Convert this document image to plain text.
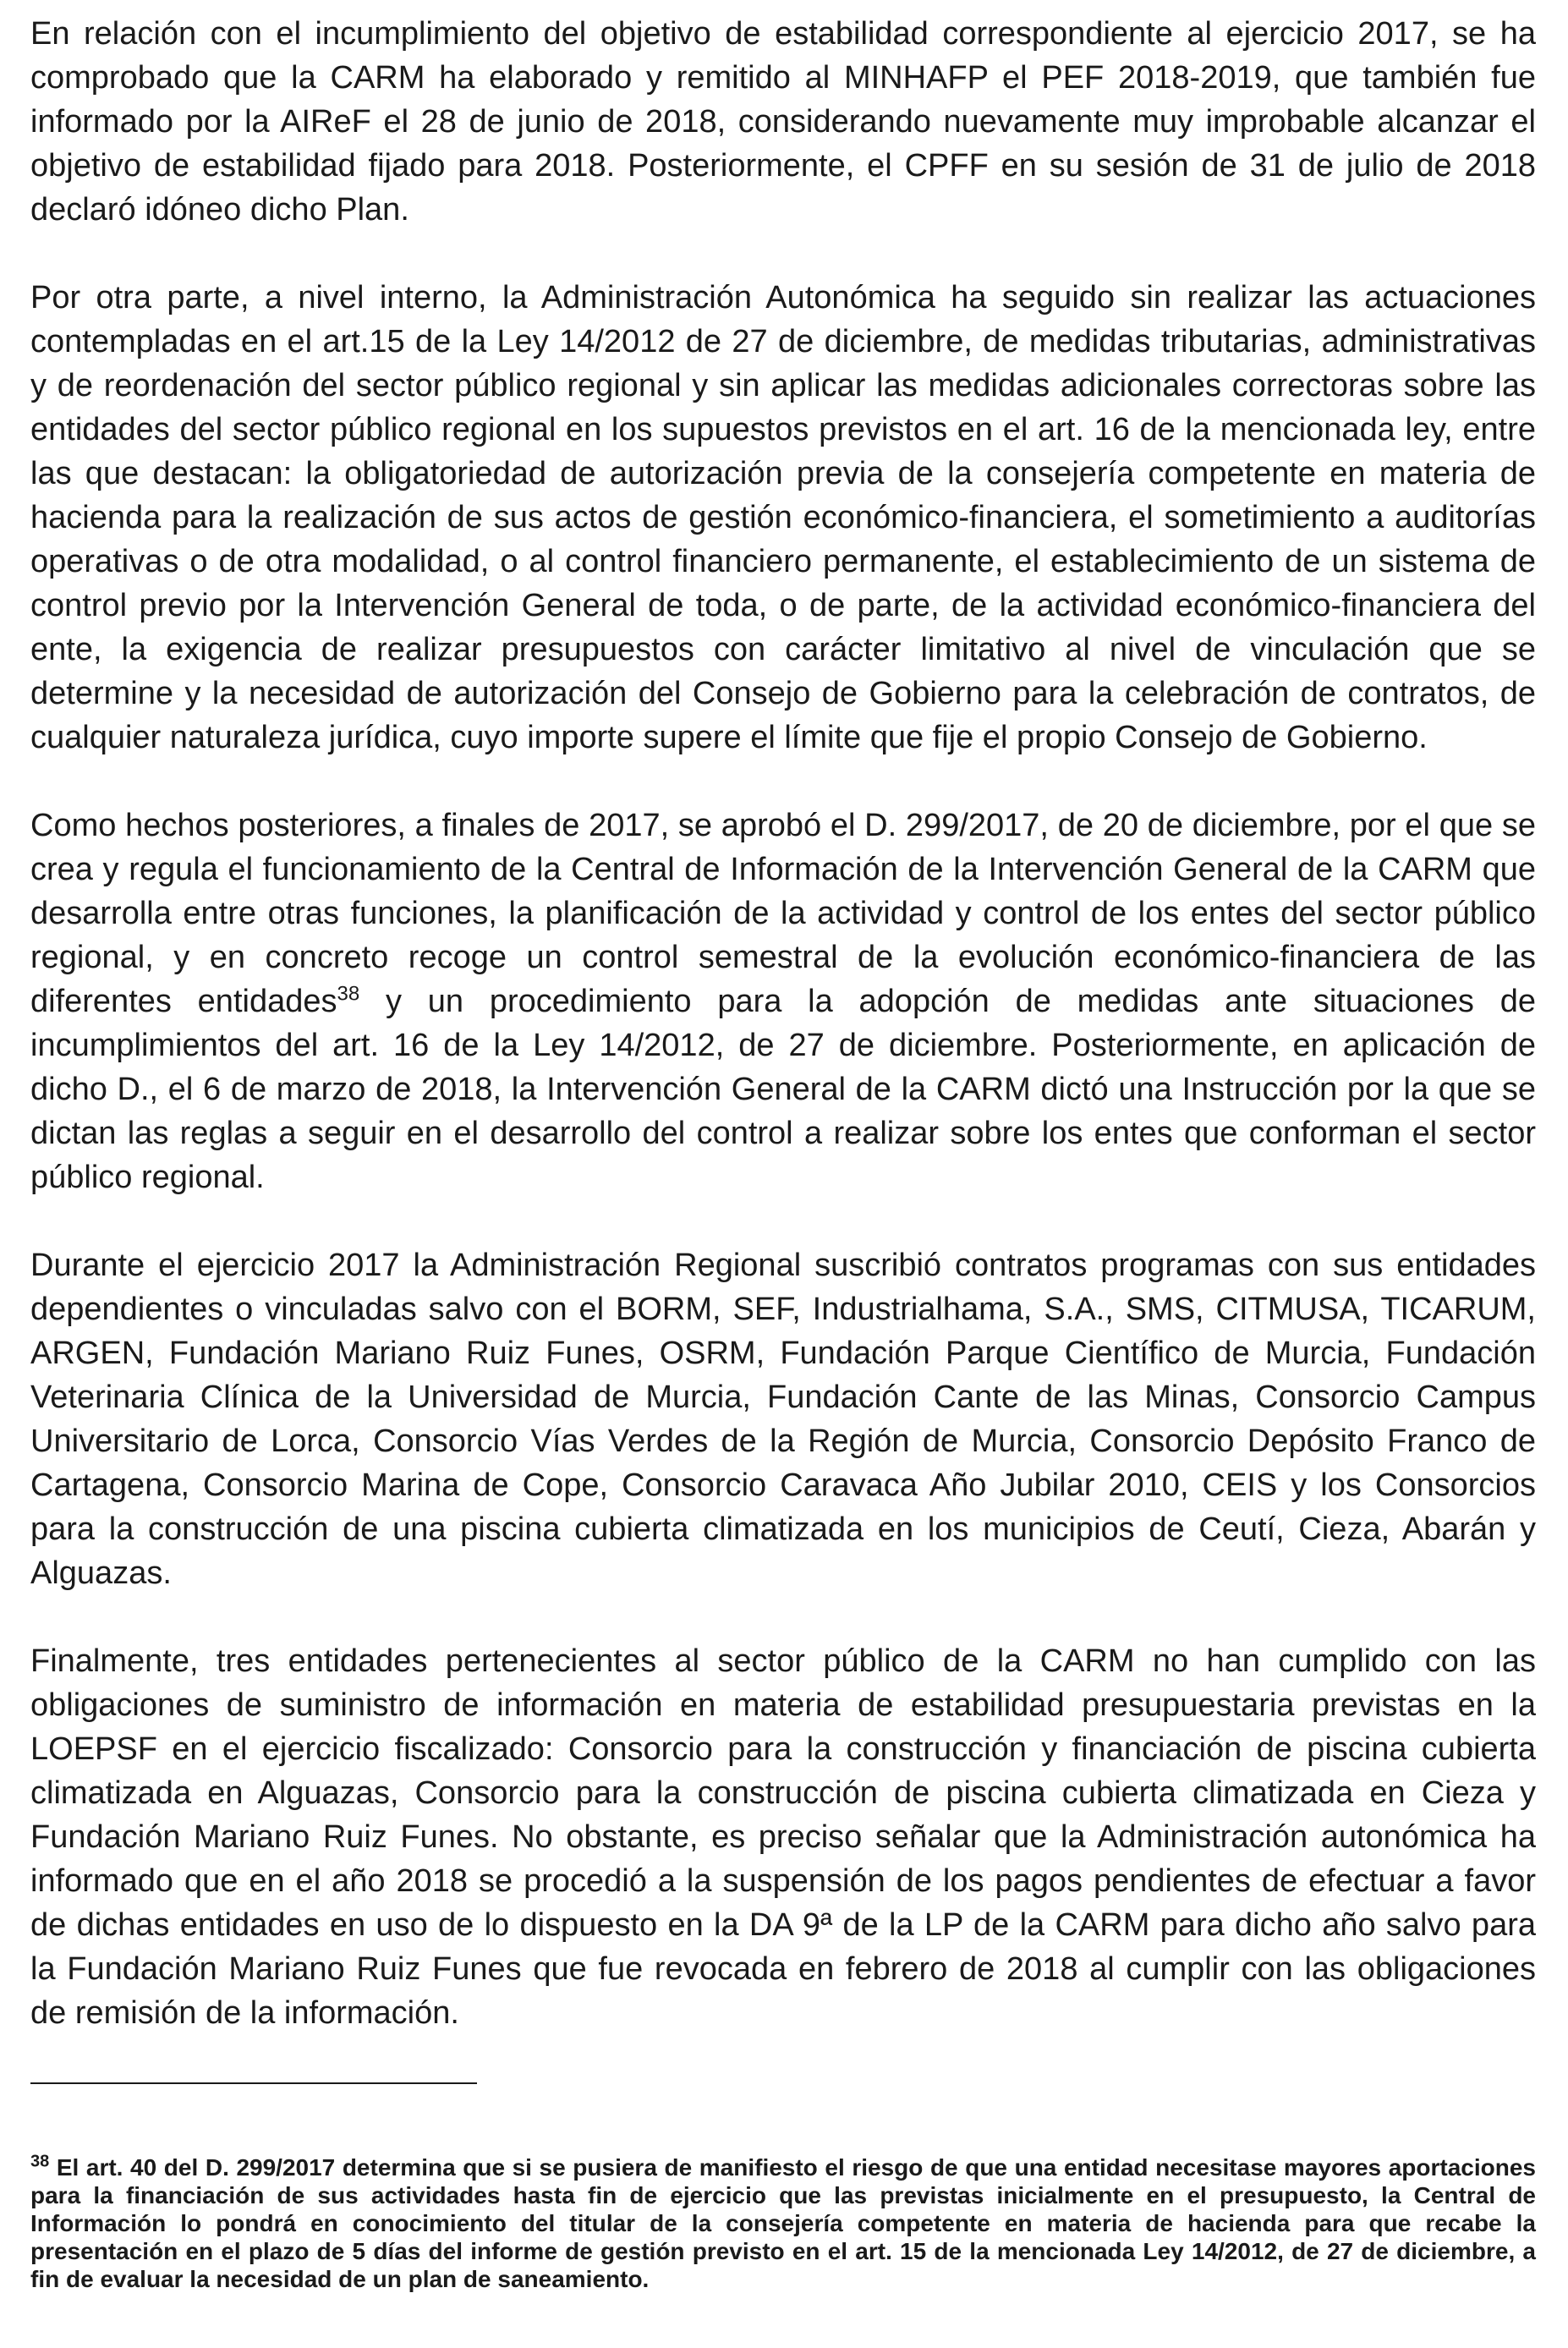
En relación con el incumplimiento del objetivo de estabilidad correspondiente al ejercicio 2017, se ha comprobado que la CARM ha elaborado y remitido al MINHAFP el PEF 2018-2019, que también fue informado por la AIReF el 28 de junio de 2018, considerando nuevamente muy improbable alcanzar el objetivo de estabilidad fijado para 2018. Posteriormente, el CPFF en su sesión de 31 de julio de 2018 declaró idóneo dicho Plan.

Por otra parte, a nivel interno, la Administración Autonómica ha seguido sin realizar las actuaciones contempladas en el art.15 de la Ley 14/2012 de 27 de diciembre, de medidas tributarias, administrativas y de reordenación del sector público regional y sin aplicar las medidas adicionales correctoras sobre las entidades del sector público regional en los supuestos previstos en el art. 16 de la mencionada ley, entre las que destacan: la obligatoriedad de autorización previa de la consejería competente en materia de hacienda para la realización de sus actos de gestión económico-financiera, el sometimiento a auditorías operativas o de otra modalidad, o al control financiero permanente, el establecimiento de un sistema de control previo por la Intervención General de toda, o de parte, de la actividad económico-financiera del ente, la exigencia de realizar presupuestos con carácter limitativo al nivel de vinculación que se determine y la necesidad de autorización del Consejo de Gobierno para la celebración de contratos, de cualquier naturaleza jurídica, cuyo importe supere el límite que fije el propio Consejo de Gobierno.

Como hechos posteriores, a finales de 2017, se aprobó el D. 299/2017, de 20 de diciembre, por el que se crea y regula el funcionamiento de la Central de Información de la Intervención General de la CARM que desarrolla entre otras funciones, la planificación de la actividad y control de los entes del sector público regional, y en concreto recoge un control semestral de la evolución económico-financiera de las diferentes entidades$^{38}$ y un procedimiento para la adopción de medidas ante situaciones de incumplimientos del art. 16 de la Ley 14/2012, de 27 de diciembre. Posteriormente, en aplicación de dicho D., el 6 de marzo de 2018, la Intervención General de la CARM dictó una Instrucción por la que se dictan las reglas a seguir en el desarrollo del control a realizar sobre los entes que conforman el sector público regional.

Durante el ejercicio 2017 la Administración Regional suscribió contratos programas con sus entidades dependientes o vinculadas salvo con el BORM, SEF, Industrialhama, S.A., SMS, CITMUSA, TICARUM, ARGEN, Fundación Mariano Ruiz Funes, OSRM, Fundación Parque Científico de Murcia, Fundación Veterinaria Clínica de la Universidad de Murcia, Fundación Cante de las Minas, Consorcio Campus Universitario de Lorca, Consorcio Vías Verdes de la Región de Murcia, Consorcio Depósito Franco de Cartagena, Consorcio Marina de Cope, Consorcio Caravaca Año Jubilar 2010, CEIS y los Consorcios para la construcción de una piscina cubierta climatizada en los municipios de Ceutí, Cieza, Abarán y Alguazas.

Finalmente, tres entidades pertenecientes al sector público de la CARM no han cumplido con las obligaciones de suministro de información en materia de estabilidad presupuestaria previstas en la LOEPSF en el ejercicio fiscalizado: Consorcio para la construcción y financiación de piscina cubierta climatizada en Alguazas, Consorcio para la construcción de piscina cubierta climatizada en Cieza y Fundación Mariano Ruiz Funes. No obstante, es preciso señalar que la Administración autonómica ha informado que en el año 2018 se procedió a la suspensión de los pagos pendientes de efectuar a favor de dichas entidades en uso de lo dispuesto en la DA 9ª de la LP de la CARM para dicho año salvo para la Fundación Mariano Ruiz Funes que fue revocada en febrero de 2018 al cumplir con las obligaciones de remisión de la información.

$^{38}$ El art. 40 del D. 299/2017 determina que si se pusiera de manifiesto el riesgo de que una entidad necesitase mayores aportaciones para la financiación de sus actividades hasta fin de ejercicio que las previstas inicialmente en el presupuesto, la Central de Información lo pondrá en conocimiento del titular de la consejería competente en materia de hacienda para que recabe la presentación en el plazo de 5 días del informe de gestión previsto en el art. 15 de la mencionada Ley 14/2012, de 27 de diciembre, a fin de evaluar la necesidad de un plan de saneamiento.
